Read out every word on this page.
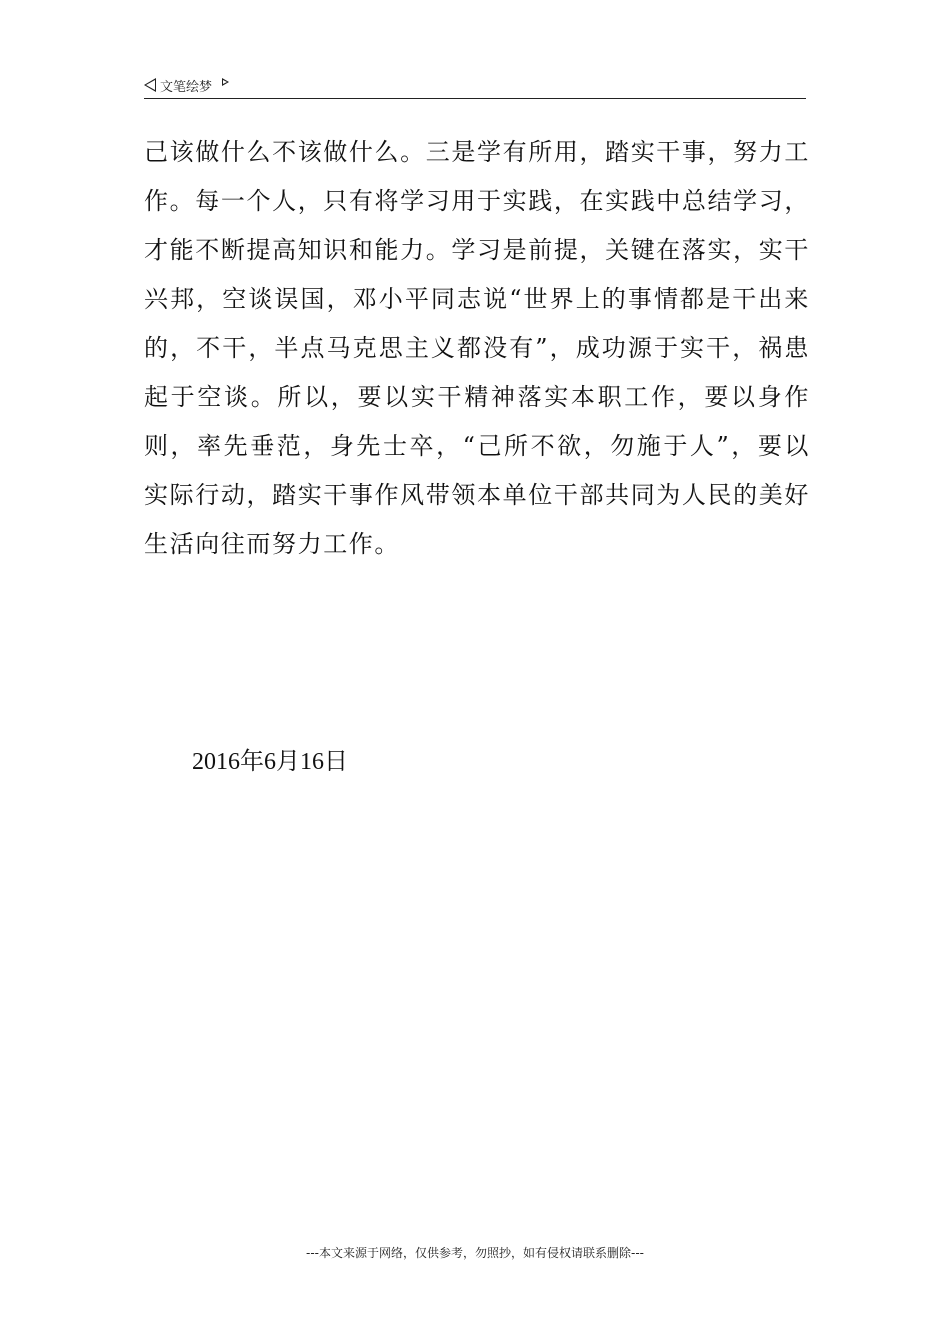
文笔绘梦

己该做什么不该做什么。三是学有所用，踏实干事，努力工作。每一个人，只有将学习用于实践，在实践中总结学习，才能不断提高知识和能力。学习是前提，关键在落实，实干兴邦，空谈误国，邓小平同志说“世界上的事情都是干出来的，不干，半点马克思主义都没有”，成功源于实干，祸患起于空谈。所以，要以实干精神落实本职工作，要以身作则，率先垂范，身先士卒，“己所不欲，勿施于人”，要以实际行动，踏实干事作风带领本单位干部共同为人民的美好生活向往而努力工作。

2016年6月16日
---本文来源于网络，仅供参考，勿照抄，如有侵权请联系删除---
